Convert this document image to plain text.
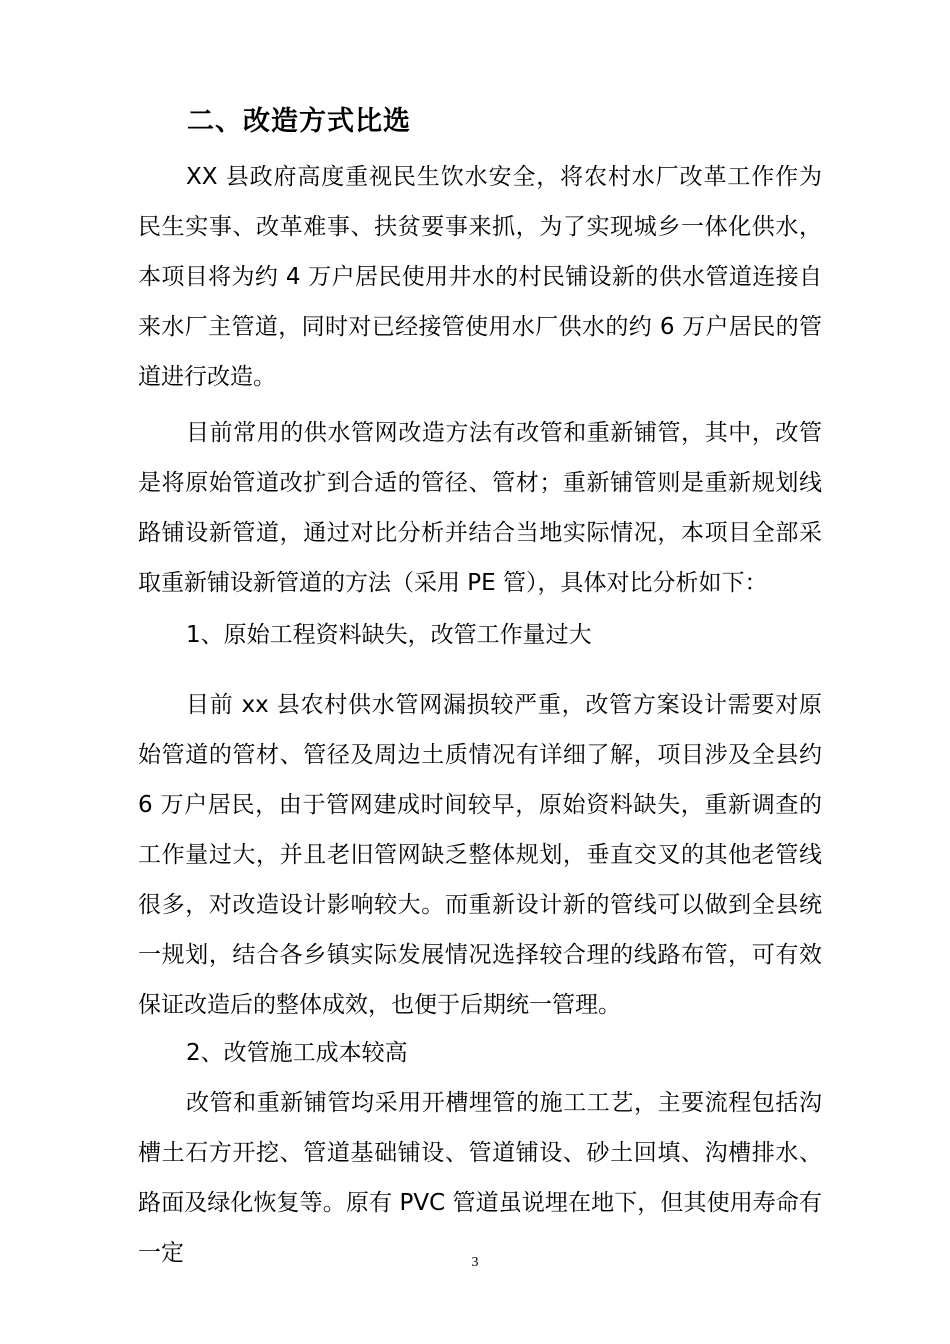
二、改造方式比选

XX 县政府高度重视民生饮水安全，将农村水厂改革工作作为民生实事、改革难事、扶贫要事来抓，为了实现城乡一体化供水，本项目将为约 4 万户居民使用井水的村民铺设新的供水管道连接自来水厂主管道，同时对已经接管使用水厂供水的约 6 万户居民的管道进行改造。

目前常用的供水管网改造方法有改管和重新铺管，其中，改管是将原始管道改扩到合适的管径、管材；重新铺管则是重新规划线路铺设新管道，通过对比分析并结合当地实际情况，本项目全部采取重新铺设新管道的方法（采用 PE 管），具体对比分析如下：

1、原始工程资料缺失，改管工作量过大

目前 xx 县农村供水管网漏损较严重，改管方案设计需要对原始管道的管材、管径及周边土质情况有详细了解，项目涉及全县约 6 万户居民，由于管网建成时间较早，原始资料缺失，重新调查的工作量过大，并且老旧管网缺乏整体规划，垂直交叉的其他老管线很多，对改造设计影响较大。而重新设计新的管线可以做到全县统一规划，结合各乡镇实际发展情况选择较合理的线路布管，可有效保证改造后的整体成效，也便于后期统一管理。

2、改管施工成本较高

改管和重新铺管均采用开槽埋管的施工工艺，主要流程包括沟槽土石方开挖、管道基础铺设、管道铺设、砂土回填、沟槽排水、路面及绿化恢复等。原有 PVC 管道虽说埋在地下，但其使用寿命有一定	3
